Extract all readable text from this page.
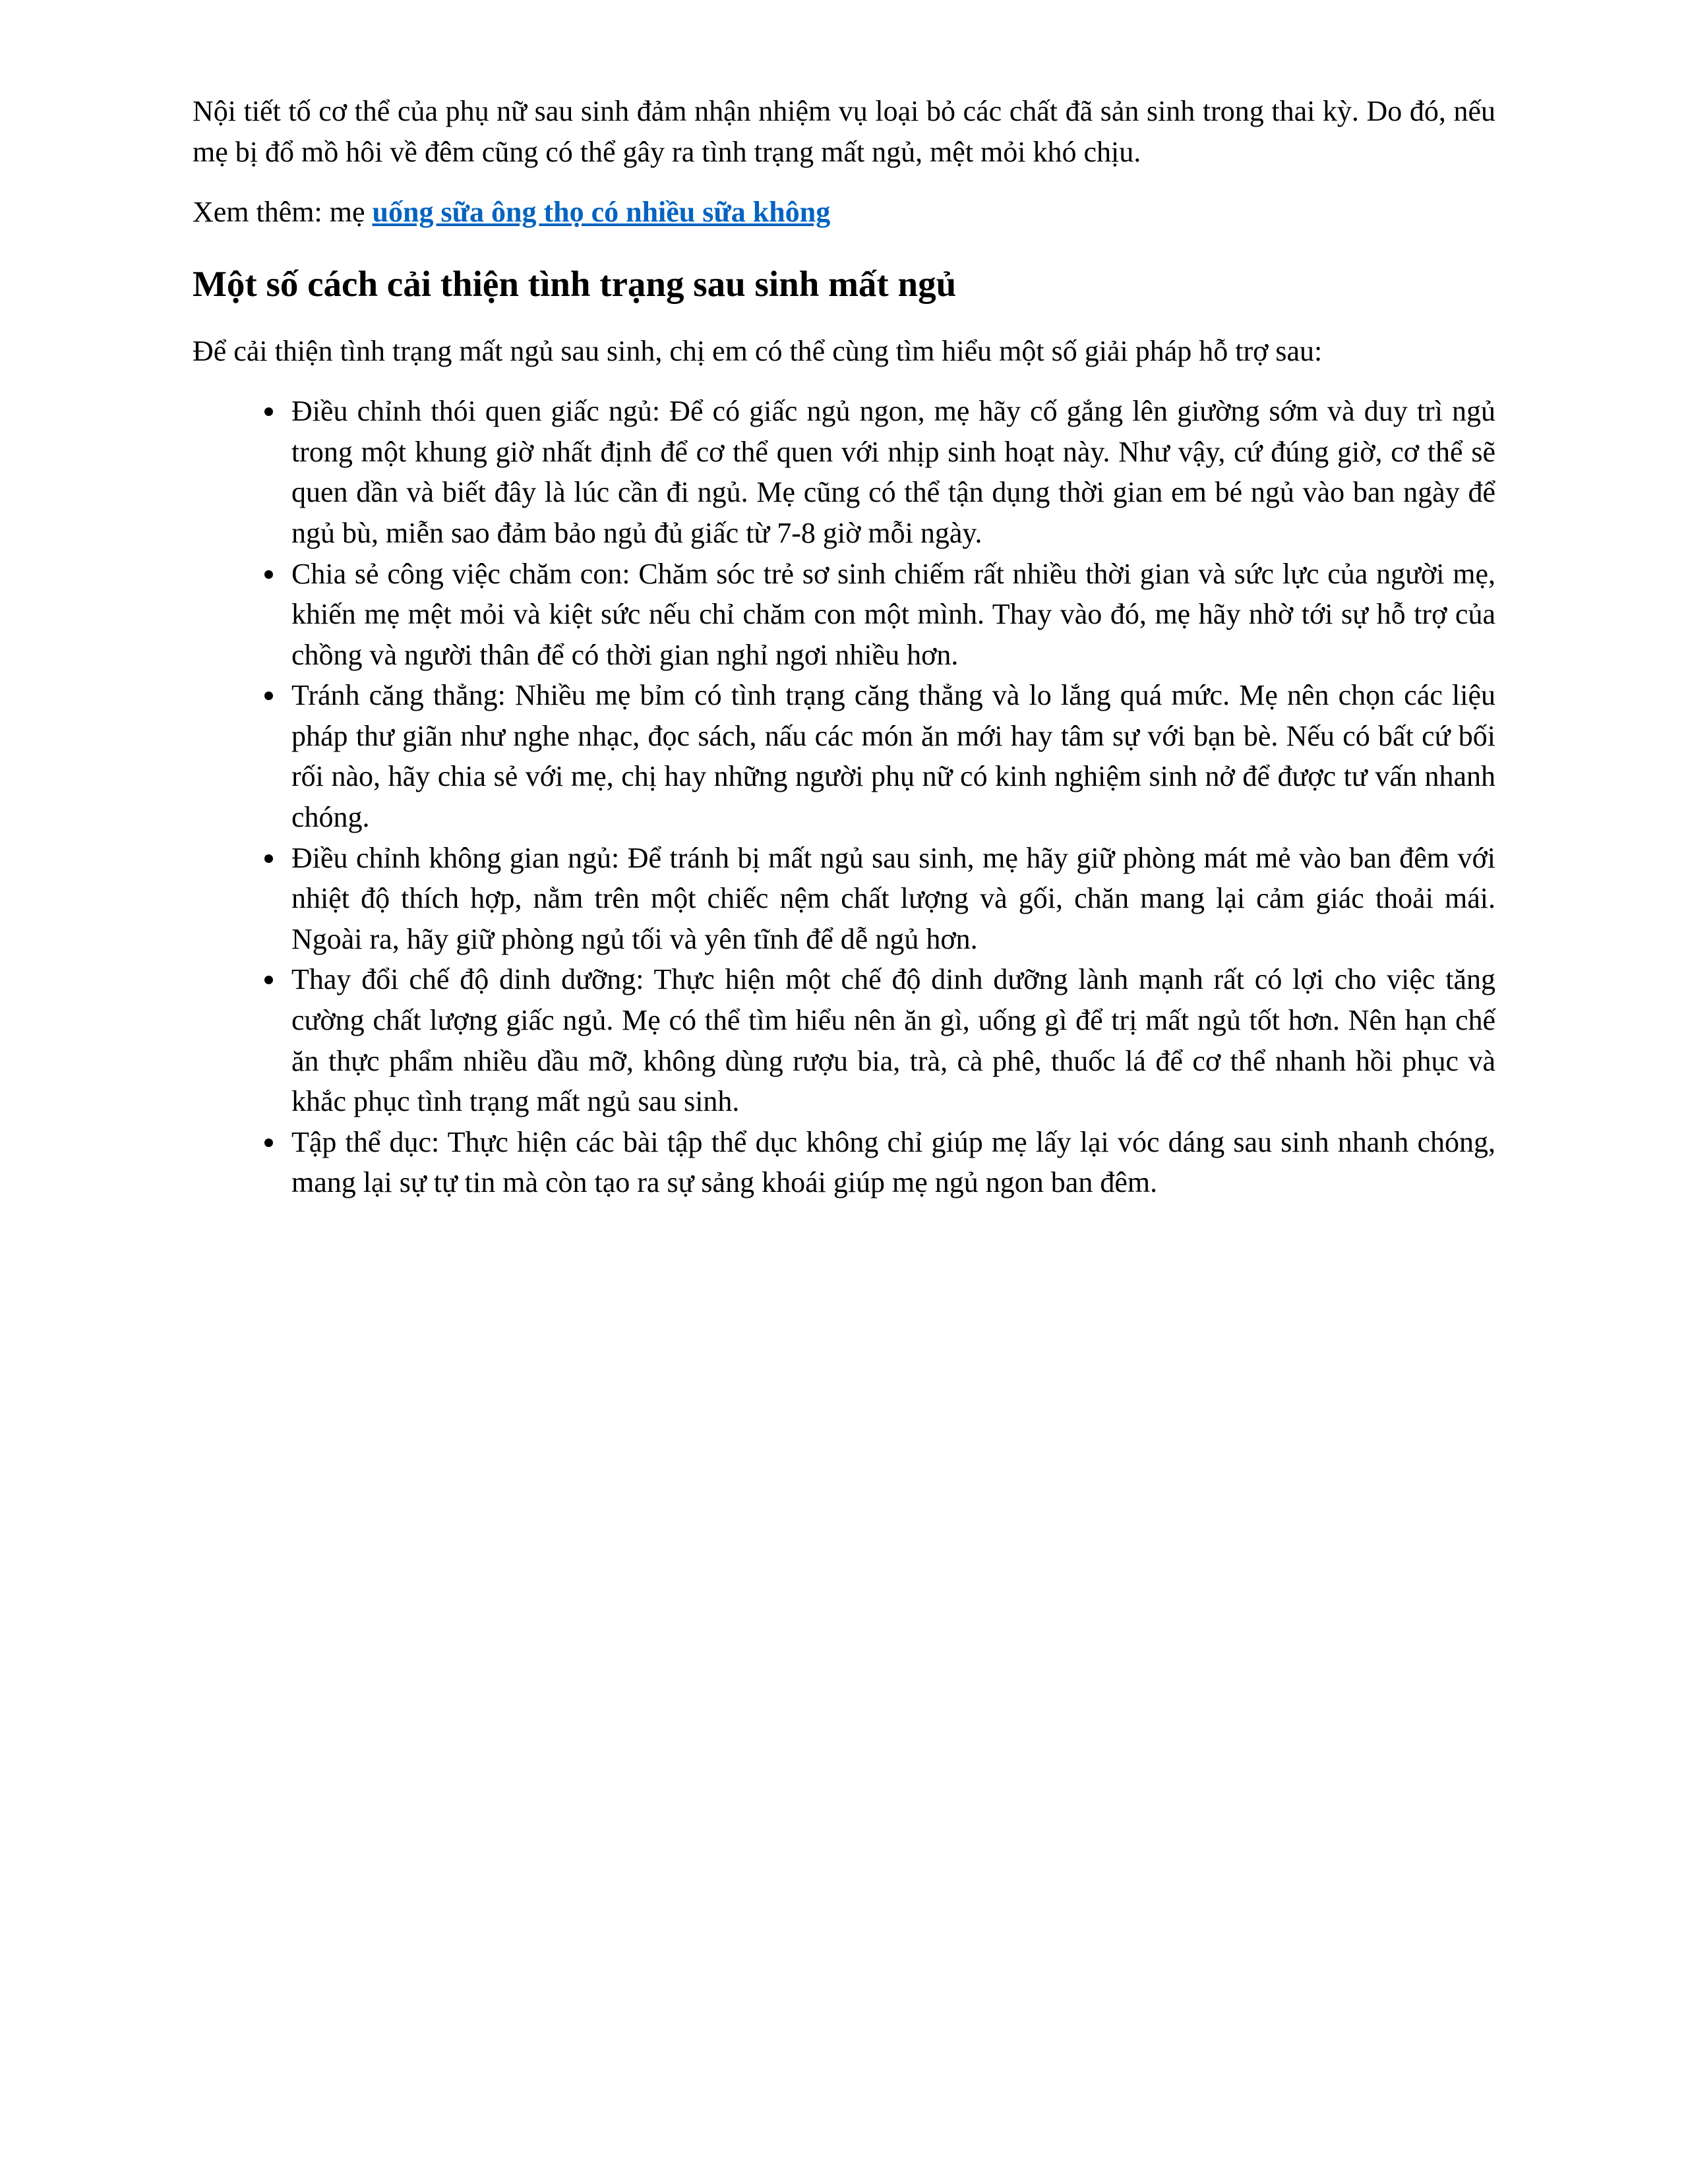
Nội tiết tố cơ thể của phụ nữ sau sinh đảm nhận nhiệm vụ loại bỏ các chất đã sản sinh trong thai kỳ. Do đó, nếu mẹ bị đổ mồ hôi về đêm cũng có thể gây ra tình trạng mất ngủ, mệt mỏi khó chịu.

Xem thêm: mẹ uống sữa ông thọ có nhiều sữa không

Một số cách cải thiện tình trạng sau sinh mất ngủ

Để cải thiện tình trạng mất ngủ sau sinh, chị em có thể cùng tìm hiểu một số giải pháp hỗ trợ sau:

• Điều chỉnh thói quen giấc ngủ: Để có giấc ngủ ngon, mẹ hãy cố gắng lên giường sớm và duy trì ngủ trong một khung giờ nhất định để cơ thể quen với nhịp sinh hoạt này. Như vậy, cứ đúng giờ, cơ thể sẽ quen dần và biết đây là lúc cần đi ngủ. Mẹ cũng có thể tận dụng thời gian em bé ngủ vào ban ngày để ngủ bù, miễn sao đảm bảo ngủ đủ giấc từ 7-8 giờ mỗi ngày.
• Chia sẻ công việc chăm con: Chăm sóc trẻ sơ sinh chiếm rất nhiều thời gian và sức lực của người mẹ, khiến mẹ mệt mỏi và kiệt sức nếu chỉ chăm con một mình. Thay vào đó, mẹ hãy nhờ tới sự hỗ trợ của chồng và người thân để có thời gian nghỉ ngơi nhiều hơn.
• Tránh căng thẳng: Nhiều mẹ bỉm có tình trạng căng thẳng và lo lắng quá mức. Mẹ nên chọn các liệu pháp thư giãn như nghe nhạc, đọc sách, nấu các món ăn mới hay tâm sự với bạn bè. Nếu có bất cứ bối rối nào, hãy chia sẻ với mẹ, chị hay những người phụ nữ có kinh nghiệm sinh nở để được tư vấn nhanh chóng.
• Điều chỉnh không gian ngủ: Để tránh bị mất ngủ sau sinh, mẹ hãy giữ phòng mát mẻ vào ban đêm với nhiệt độ thích hợp, nằm trên một chiếc nệm chất lượng và gối, chăn mang lại cảm giác thoải mái. Ngoài ra, hãy giữ phòng ngủ tối và yên tĩnh để dễ ngủ hơn.
• Thay đổi chế độ dinh dưỡng: Thực hiện một chế độ dinh dưỡng lành mạnh rất có lợi cho việc tăng cường chất lượng giấc ngủ. Mẹ có thể tìm hiểu nên ăn gì, uống gì để trị mất ngủ tốt hơn. Nên hạn chế ăn thực phẩm nhiều dầu mỡ, không dùng rượu bia, trà, cà phê, thuốc lá để cơ thể nhanh hồi phục và khắc phục tình trạng mất ngủ sau sinh.
• Tập thể dục: Thực hiện các bài tập thể dục không chỉ giúp mẹ lấy lại vóc dáng sau sinh nhanh chóng, mang lại sự tự tin mà còn tạo ra sự sảng khoái giúp mẹ ngủ ngon ban đêm.
